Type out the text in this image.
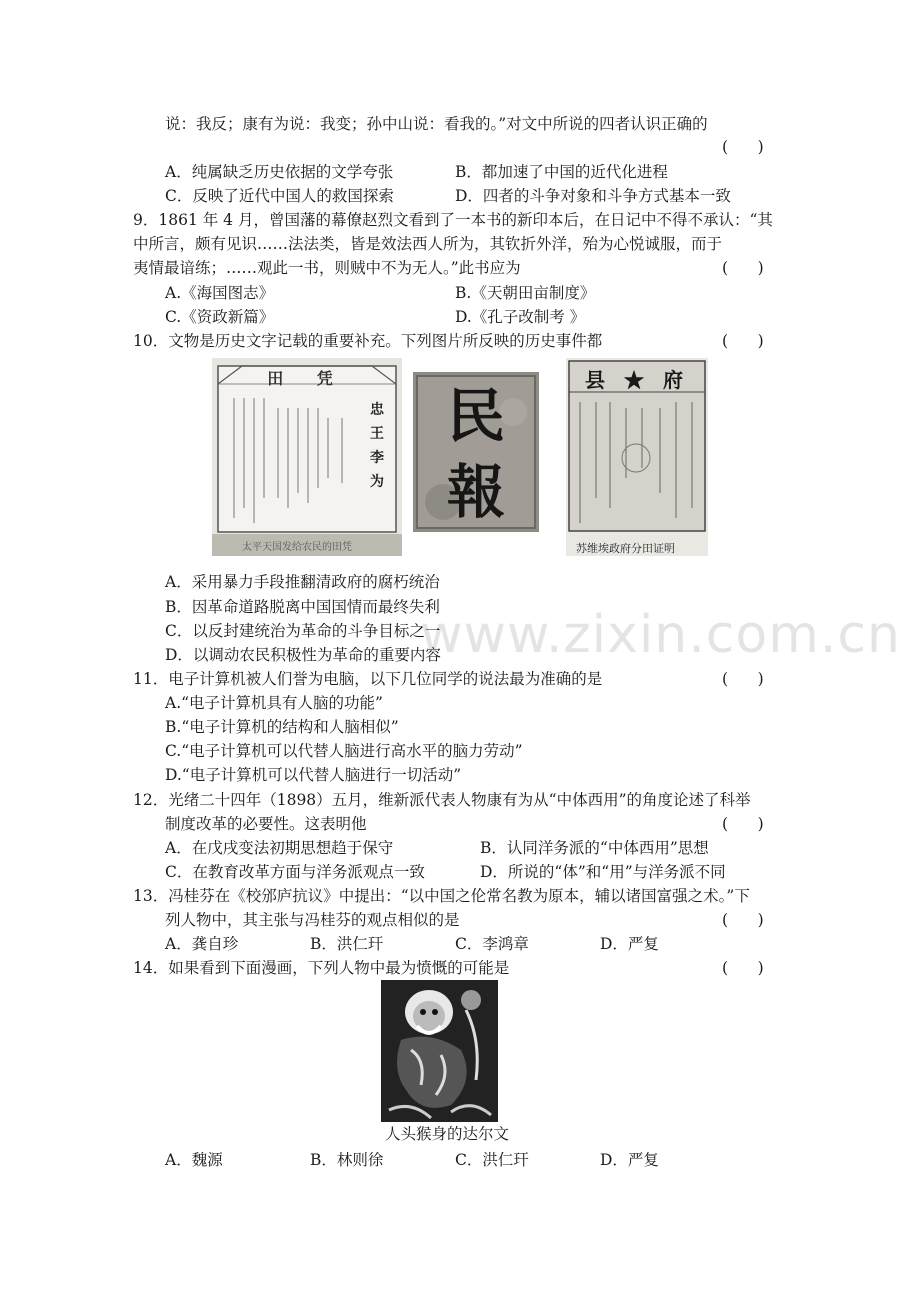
www.zixin.com.cn
说：我反；康有为说：我变；孙中山说：看我的。”对文中所说的四者认识正确的
(      )
A．纯属缺乏历史依据的文学夸张	B．都加速了中国的近代化进程
C．反映了近代中国人的救国探索	D．四者的斗争对象和斗争方式基本一致
9．1861 年 4 月，曾国藩的幕僚赵烈文看到了一本书的新印本后，在日记中不得不承认：“其
中所言，颇有见识……法法类，皆是效法西人所为，其钦折外洋，殆为心悦诚服，而于
夷情最谙练；……观此一书，则贼中不为无人。”此书应为	(      )
A.《海国图志》	B.《天朝田亩制度》
C.《资政新篇》	D.《孔子改制考 》
10．文物是历史文字记载的重要补充。下列图片所反映的历史事件都	(      )
田 凭
忠 王 李 为
太平天国发给农民的田凭
民 報
县 ★ 府
苏维埃政府分田证明
A．采用暴力手段推翻清政府的腐朽统治
B．因革命道路脱离中国国情而最终失利
C．以反封建统治为革命的斗争目标之一
D．以调动农民积极性为革命的重要内容
11．电子计算机被人们誉为电脑，以下几位同学的说法最为准确的是	(      )
A.“电子计算机具有人脑的功能”
B.“电子计算机的结构和人脑相似”
C.“电子计算机可以代替人脑进行高水平的脑力劳动”
D.“电子计算机可以代替人脑进行一切活动”
12．光绪二十四年（1898）五月，维新派代表人物康有为从“中体西用”的角度论述了科举
制度改革的必要性。这表明他	(      )
A．在戊戌变法初期思想趋于保守	B．认同洋务派的“中体西用”思想
C．在教育改革方面与洋务派观点一致	D．所说的“体”和“用”与洋务派不同
13．冯桂芬在《校邠庐抗议》中提出：“以中国之伦常名教为原本，辅以诸国富强之术。”下
列人物中，其主张与冯桂芬的观点相似的是	(      )
A．龚自珍	B．洪仁玕	C．李鸿章	D．严复
14．如果看到下面漫画，下列人物中最为愤慨的可能是	(      )
人头猴身的达尔文
A．魏源	B．林则徐	C．洪仁玕	D．严复
